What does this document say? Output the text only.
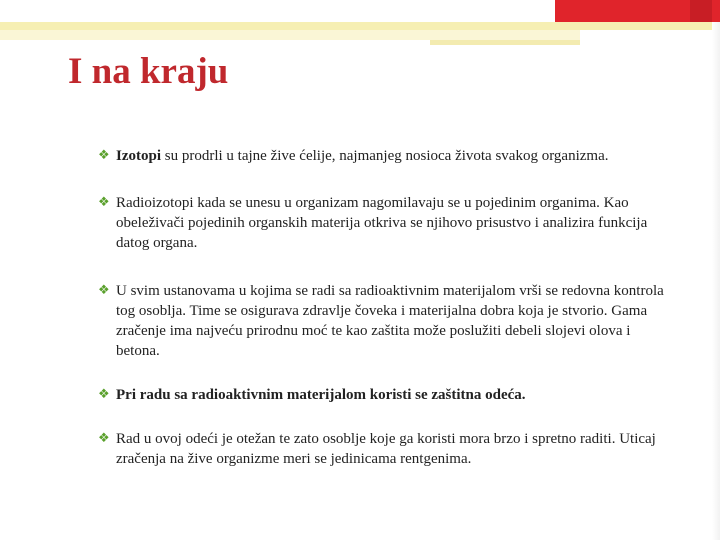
I na kraju
❖ Izotopi su prodrli u tajne žive ćelije, najmanjeg nosioca života svakog organizma.
❖ Radioizotopi kada se unesu u organizam nagomilavaju se u pojedinim organima. Kao obeleživači pojedinih organskih materija otkriva se njihovo prisustvo i analizira funkcija datog organa.
❖ U svim ustanovama u kojima se radi sa radioaktivnim materijalom vrši se redovna kontrola tog osoblja. Time se osigurava zdravlje čoveka i materijalna dobra koja je stvorio. Gama zračenje ima najveću prirodnu moć te kao zaštita može poslužiti debeli slojevi olova i betona.
❖ Pri radu sa radioaktivnim materijalom koristi se zaštitna odeća.
❖ Rad u ovoj odeći je otežan te zato osoblje koje ga koristi mora brzo i spretno raditi. Uticaj zračenja na žive organizme meri se jedinicama rentgenima.
